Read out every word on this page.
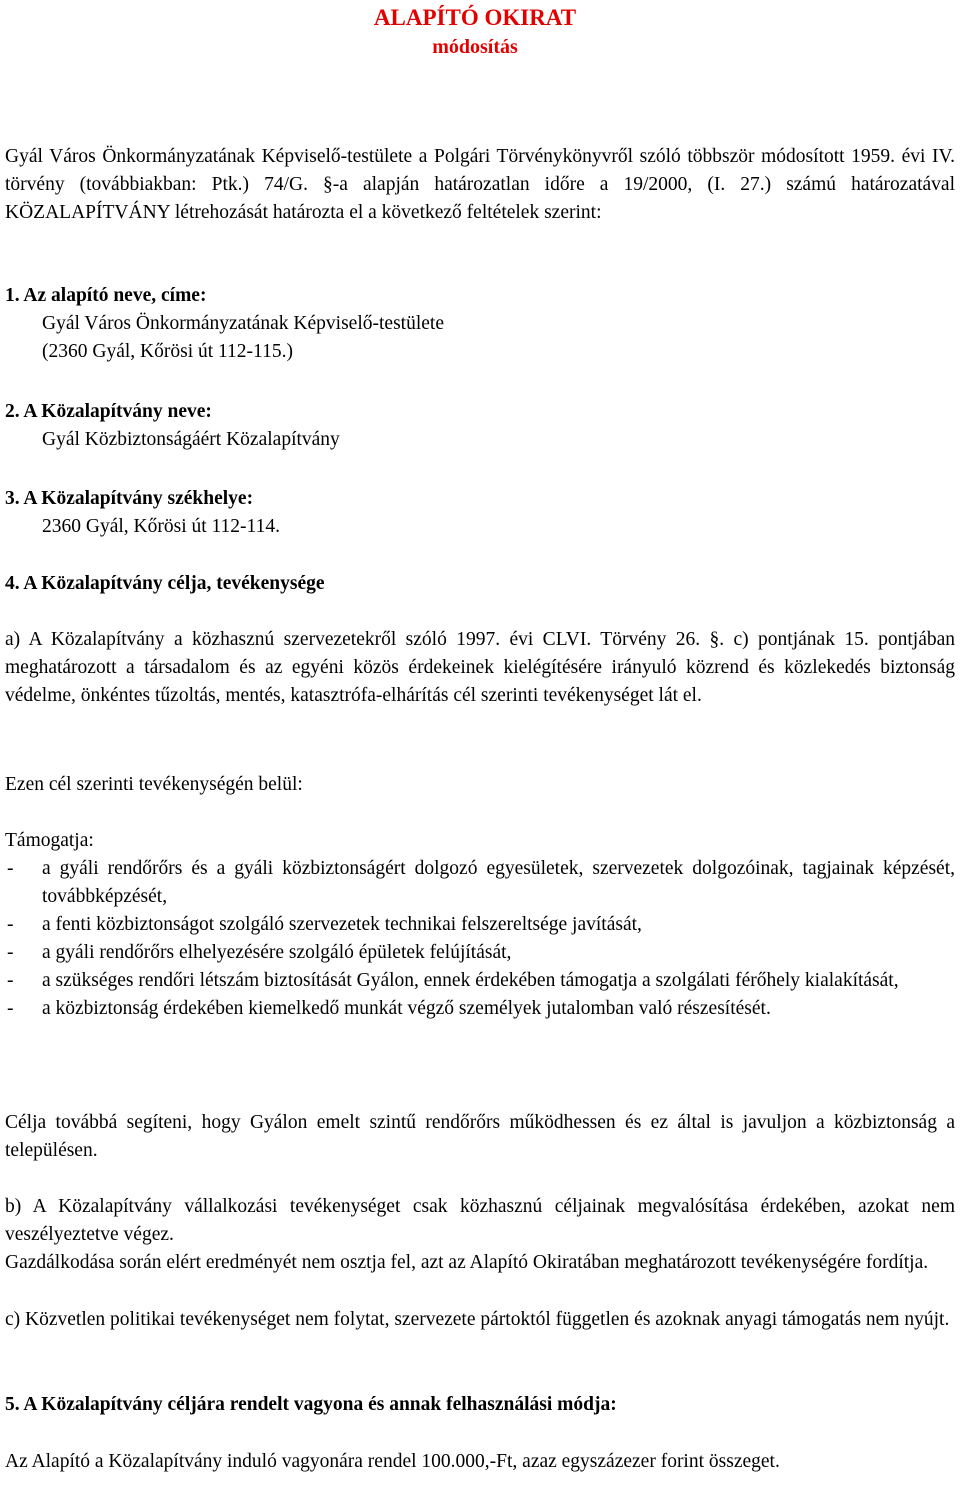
ALAPÍTÓ OKIRAT
módosítás
Gyál Város Önkormányzatának Képviselő-testülete a Polgári Törvénykönyvről szóló többször módosított 1959. évi IV. törvény (továbbiakban: Ptk.) 74/G. §-a alapján határozatlan időre a 19/2000, (I. 27.) számú határozatával KÖZALAPÍTVÁNY létrehozását határozta el a következő feltételek szerint:
1. Az alapító neve, címe:
Gyál Város Önkormányzatának Képviselő-testülete
(2360 Gyál, Kőrösi út 112-115.)
2. A Közalapítvány neve:
Gyál Közbiztonságáért Közalapítvány
3. A Közalapítvány székhelye:
2360 Gyál, Kőrösi út 112-114.
4. A Közalapítvány célja, tevékenysége
a) A Közalapítvány a közhasznú szervezetekről szóló 1997. évi CLVI. Törvény 26. §. c) pontjának 15. pontjában meghatározott a társadalom és az egyéni közös érdekeinek kielégítésére irányuló közrend és közlekedés biztonság védelme, önkéntes tűzoltás, mentés, katasztrófa-elhárítás cél szerinti tevékenységet lát el.
Ezen cél szerinti tevékenységén belül:
Támogatja:
-	a gyáli rendőrőrs és a gyáli közbiztonságért dolgozó egyesületek, szervezetek dolgozóinak, tagjainak képzését, továbbképzését,
-	a fenti közbiztonságot szolgáló szervezetek technikai felszereltsége javítását,
-	a gyáli rendőrőrs elhelyezésére szolgáló épületek felújítását,
-	a szükséges rendőri létszám biztosítását Gyálon, ennek érdekében támogatja a szolgálati férőhely kialakítását,
-	a közbiztonság érdekében kiemelkedő munkát végző személyek jutalomban való részesítését.
Célja továbbá segíteni, hogy Gyálon emelt szintű rendőrőrs működhessen és ez által is javuljon a közbiztonság a településen.
b) A Közalapítvány vállalkozási tevékenységet csak közhasznú céljainak megvalósítása érdekében, azokat nem veszélyeztetve végez.
Gazdálkodása során elért eredményét nem osztja fel, azt az Alapító Okiratában meghatározott tevékenységére fordítja.
c) Közvetlen politikai tevékenységet nem folytat, szervezete pártoktól független és azoknak anyagi támogatás nem nyújt.
5. A Közalapítvány céljára rendelt vagyona és annak felhasználási módja:
Az Alapító a Közalapítvány induló vagyonára rendel 100.000,-Ft, azaz egyszázezer forint összeget.
